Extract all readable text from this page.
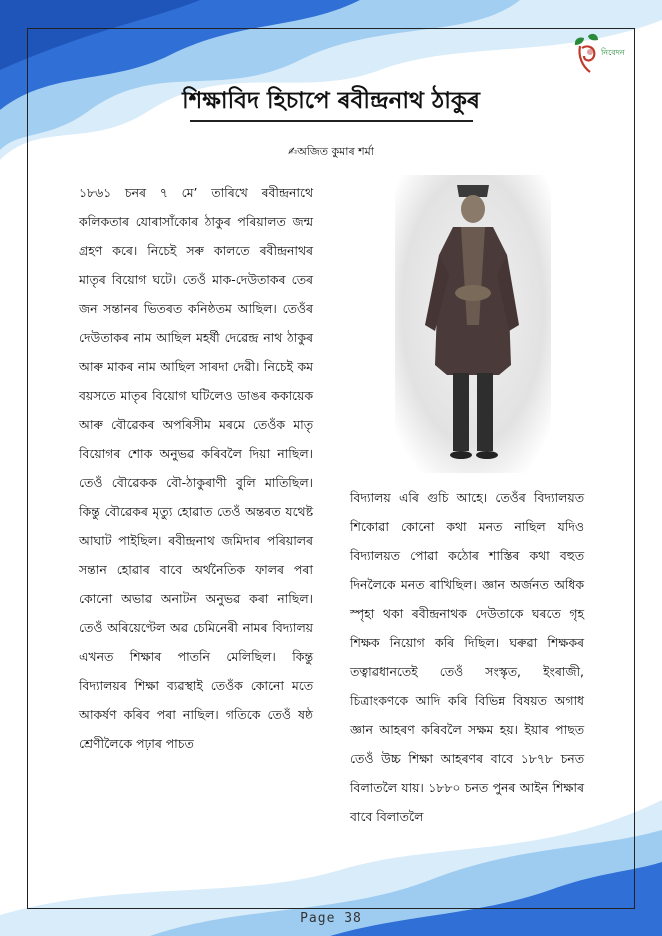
নিবেদন
শিক্ষাবিদ হিচাপে ৰবীন্দ্ৰনাথ ঠাকুৰ
✍অজিত কুমাৰ শৰ্মা

১৮৬১ চনৰ ৭ মে’ তাৰিখে ৰবীন্দ্ৰনাথে কলিকতাৰ যোৰাসাঁকোৰ ঠাকুৰ পৰিয়ালত জন্ম গ্ৰহণ কৰে। নিচেই সৰু কালতে ৰবীন্দ্ৰনাথৰ মাতৃৰ বিয়োগ ঘটে। তেওঁ মাক-দেউতাকৰ তেৰ জন সন্তানৰ ভিতৰত কনিষ্ঠতম আছিল। তেওঁৰ দেউতাকৰ নাম আছিল মহৰ্ষী দেৱেন্দ্ৰ নাথ ঠাকুৰ আৰু মাকৰ নাম আছিল সাৰদা দেৱী। নিচেই কম বয়সতে মাতৃৰ বিয়োগ ঘটিলেও ডাঙৰ ককায়েক আৰু বৌৱেকৰ অপৰিসীম মৰমে তেওঁক মাতৃ বিয়োগৰ শোক অনুভৱ কৰিবলৈ দিয়া নাছিল। তেওঁ বৌৱেকক বৌ-ঠাকুৰাণী বুলি মাতিছিল। কিন্তু বৌৱেকৰ মৃত্যু হোৱাত তেওঁ অন্তৰত যথেষ্ট আঘাট পাইছিল। ৰবীন্দ্ৰনাথ জমিদাৰ পৰিয়ালৰ সন্তান হোৱাৰ বাবে অৰ্থনৈতিক ফালৰ পৰা কোনো অভাৱ অনাটন অনুভৱ কৰা নাছিল। তেওঁ অৰিয়েণ্টেল অৱ চেমিনেৰী নামৰ বিদ্যালয় এখনত শিক্ষাৰ পাতনি মেলিছিল। কিন্তু বিদ্যালয়ৰ শিক্ষা ব্যৱস্থাই তেওঁক কোনো মতে আকৰ্ষণ কৰিব পৰা নাছিল। গতিকে তেওঁ ষষ্ঠ শ্ৰেণীলৈকে পঢ়াৰ পাচত

বিদ্যালয় এৰি গুচি আহে। তেওঁৰ বিদ্যালয়ত শিকোৱা কোনো কথা মনত নাছিল যদিও বিদ্যালয়ত পোৱা কঠোৰ শাস্তিৰ কথা বহুত দিনলৈকে মনত ৰাখিছিল। জ্ঞান অৰ্জনত অধিক স্পৃহা থকা ৰবীন্দ্ৰনাথক দেউতাকে ঘৰতে গৃহ শিক্ষক নিয়োগ কৰি দিছিল। ঘৰুৱা শিক্ষকৰ তত্বাৱধানতেই তেওঁ সংস্কৃত, ইংৰাজী, চিত্ৰাংকণকে আদি কৰি বিভিন্ন বিষয়ত অগাধ জ্ঞান আহৰণ কৰিবলৈ সক্ষম হয়। ইয়াৰ পাছত তেওঁ উচ্চ শিক্ষা আহৰণৰ বাবে ১৮৭৮ চনত বিলাতলৈ যায়। ১৮৮০ চনত পুনৰ আইন শিক্ষাৰ বাবে বিলাতলৈ

Page 38
